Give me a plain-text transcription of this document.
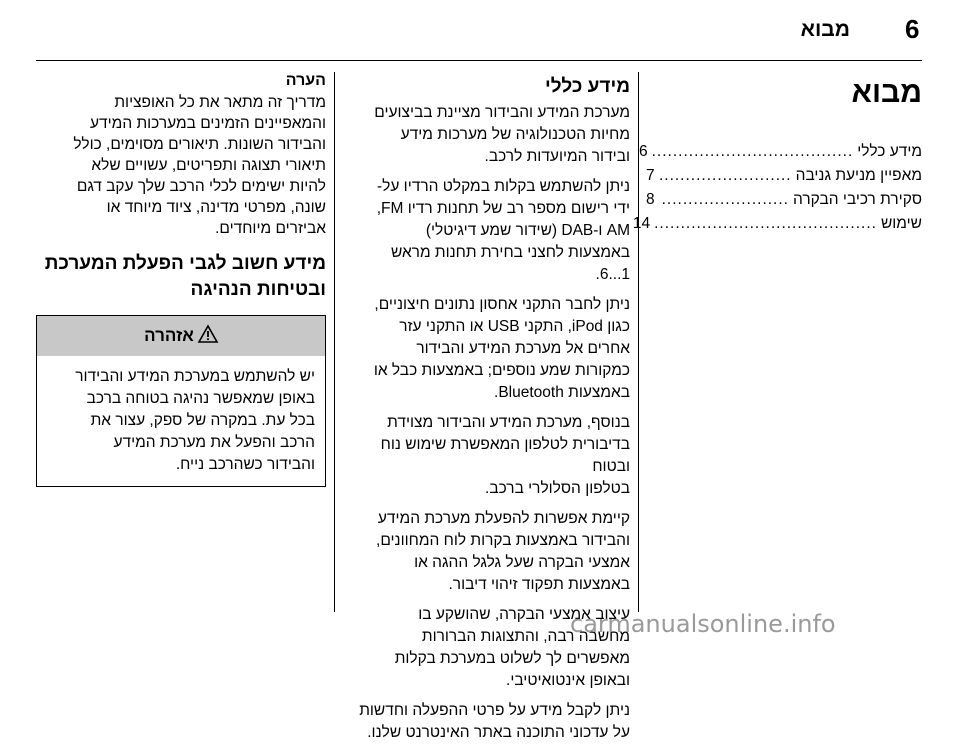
6
מבוא
מבוא
מידע כללי
......................................
6
מאפיין מניעת גניבה
.........................
7
סקירת רכיבי הבקרה
........................
8
שימוש
..........................................
14
מידע כללי

מערכת המידע והבידור מציינת בביצועים

מחיות הטכנולוגיה של מערכות מידע

ובידור המיועדות לרכב.

ניתן להשתמש בקלות במקלט הרדיו על-

ידי רישום מספר רב של תחנות רדיו FM,

AM ו-DAB (שידור שמע דיגיטלי)

באמצעות לחצני בחירת תחנות מראש

1...6.

ניתן לחבר התקני אחסון נתונים חיצוניים,

כגון iPod, התקני USB או התקני עזר

אחרים אל מערכת המידע והבידור

כמקורות שמע נוספים; באמצעות כבל או

באמצעות Bluetooth.

בנוסף, מערכת המידע והבידור מצוידת

בדיבורית לטלפון המאפשרת שימוש נוח ובטוח

בטלפון הסלולרי ברכב.

קיימת אפשרות להפעלת מערכת המידע

והבידור באמצעות בקרות לוח המחוונים,

אמצעי הבקרה שעל גלגל ההגה או

באמצעות תפקוד זיהוי דיבור.

עיצוב אמצעי הבקרה, שהושקע בו

מחשבה רבה, והתצוגות הברורות

מאפשרים לך לשלוט במערכת בקלות

ובאופן אינטואיטיבי.

ניתן לקבל מידע על פרטי ההפעלה וחדשות

על עדכוני התוכנה באתר האינטרנט שלנו.

הערה
מדריך זה מתאר את כל האופציות
והמאפיינים הזמינים במערכות המידע
והבידור השונות. תיאורים מסוימים, כולל
תיאורי תצוגה ותפריטים, עשויים שלא
להיות ישימים לכלי הרכב שלך עקב דגם
שונה, מפרטי מדינה, ציוד מיוחד או
אביזרים מיוחדים.
מידע חשוב לגבי הפעלת המערכת ובטיחות הנהיגה
אזהרה
יש להשתמש במערכת המידע והבידור
באופן שמאפשר נהיגה בטוחה ברכב
בכל עת. במקרה של ספק, עצור את
הרכב והפעל את מערכת המידע
והבידור כשהרכב נייח.
carmanualsonline.info
